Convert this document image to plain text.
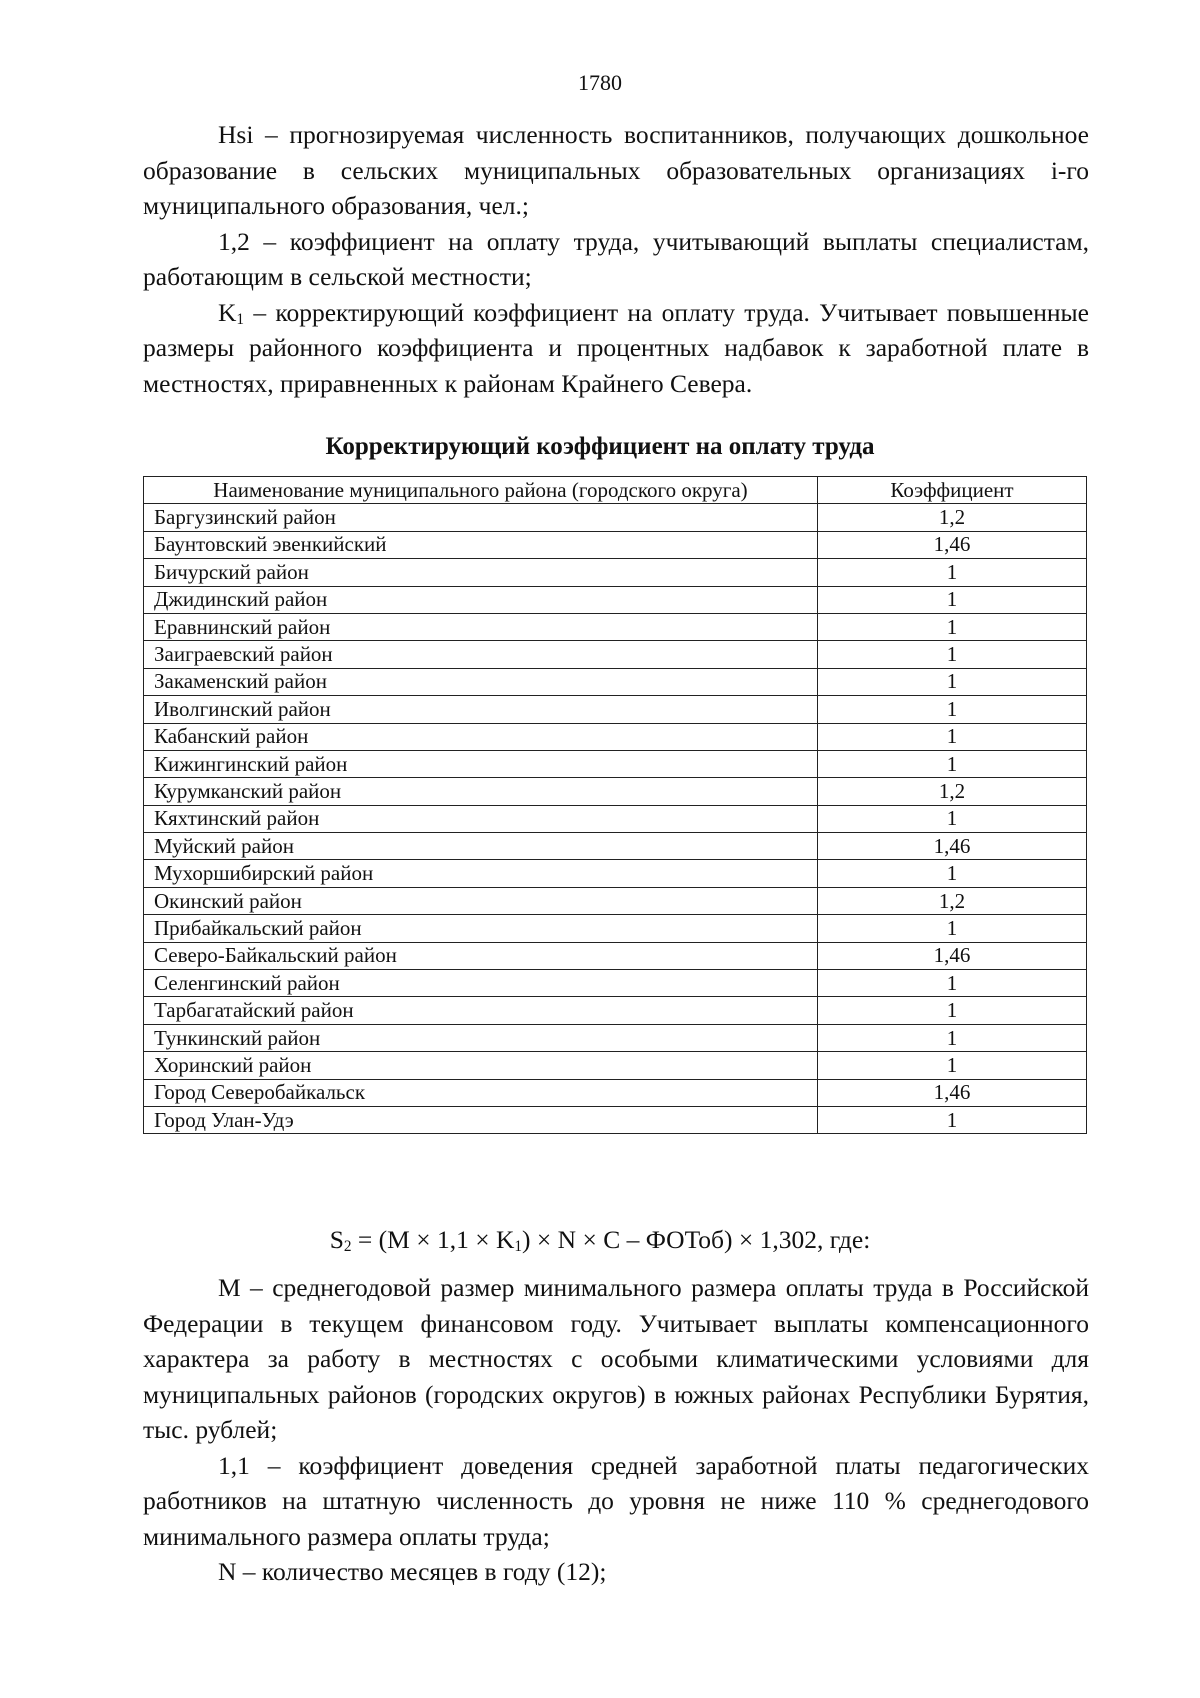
1780

Hsi – прогнозируемая численность воспитанников, получающих дошкольное образование в сельских муниципальных образовательных организациях i-го муниципального образования, чел.;

1,2 – коэффициент на оплату труда, учитывающий выплаты специалистам, работающим в сельской местности;

$K_1$ – корректирующий коэффициент на оплату труда. Учитывает повышенные размеры районного коэффициента и процентных надбавок к заработной плате в местностях, приравненных к районам Крайнего Севера.

Корректирующий коэффициент на оплату труда
Наименование муниципального района (городского округа)	Коэффициент
Баргузинский район	1,2
Баунтовский эвенкийский	1,46
Бичурский район	1
Джидинский район	1
Еравнинский район	1
Заиграевский район	1
Закаменский район	1
Иволгинский район	1
Кабанский район	1
Кижингинский район	1
Курумканский район	1,2
Кяхтинский район	1
Муйский район	1,46
Мухоршибирский район	1
Окинский район	1,2
Прибайкальский район	1
Северо-Байкальский район	1,46
Селенгинский район	1
Тарбагатайский район	1
Тункинский район	1
Хоринский район	1
Город Северобайкальск	1,46
Город Улан-Удэ	1
$S_2 = (M \times 1,1 \times K_1) \times N \times C$ – ФОТоб) × 1,302, где:

M – среднегодовой размер минимального размера оплаты труда в Российской Федерации в текущем финансовом году. Учитывает выплаты компенсационного характера за работу в местностях с особыми климатическими условиями для муниципальных районов (городских округов) в южных районах Республики Бурятия, тыс. рублей;

1,1 – коэффициент доведения средней заработной платы педагогических работников на штатную численность до уровня не ниже 110 % среднегодового минимального размера оплаты труда;

N – количество месяцев в году (12);
